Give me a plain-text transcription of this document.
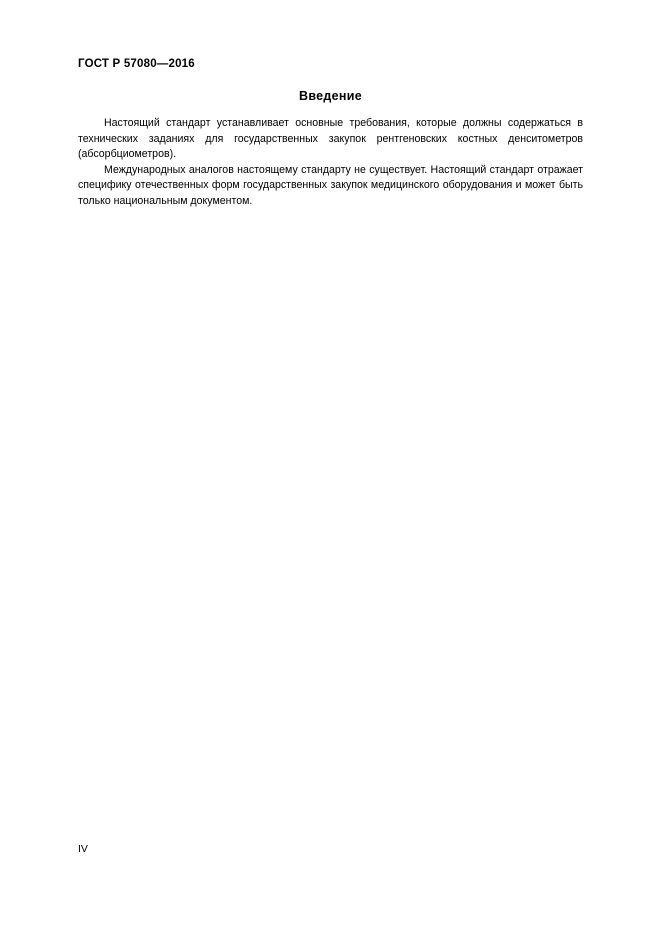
ГОСТ Р 57080—2016
Введение

Настоящий стандарт устанавливает основные требования, которые должны содержаться в технических заданиях для государственных закупок рентгеновских костных денситометров (абсорбциометров).

Международных аналогов настоящему стандарту не существует. Настоящий стандарт отражает специфику отечественных форм государственных закупок медицинского оборудования и может быть только национальным документом.

IV
